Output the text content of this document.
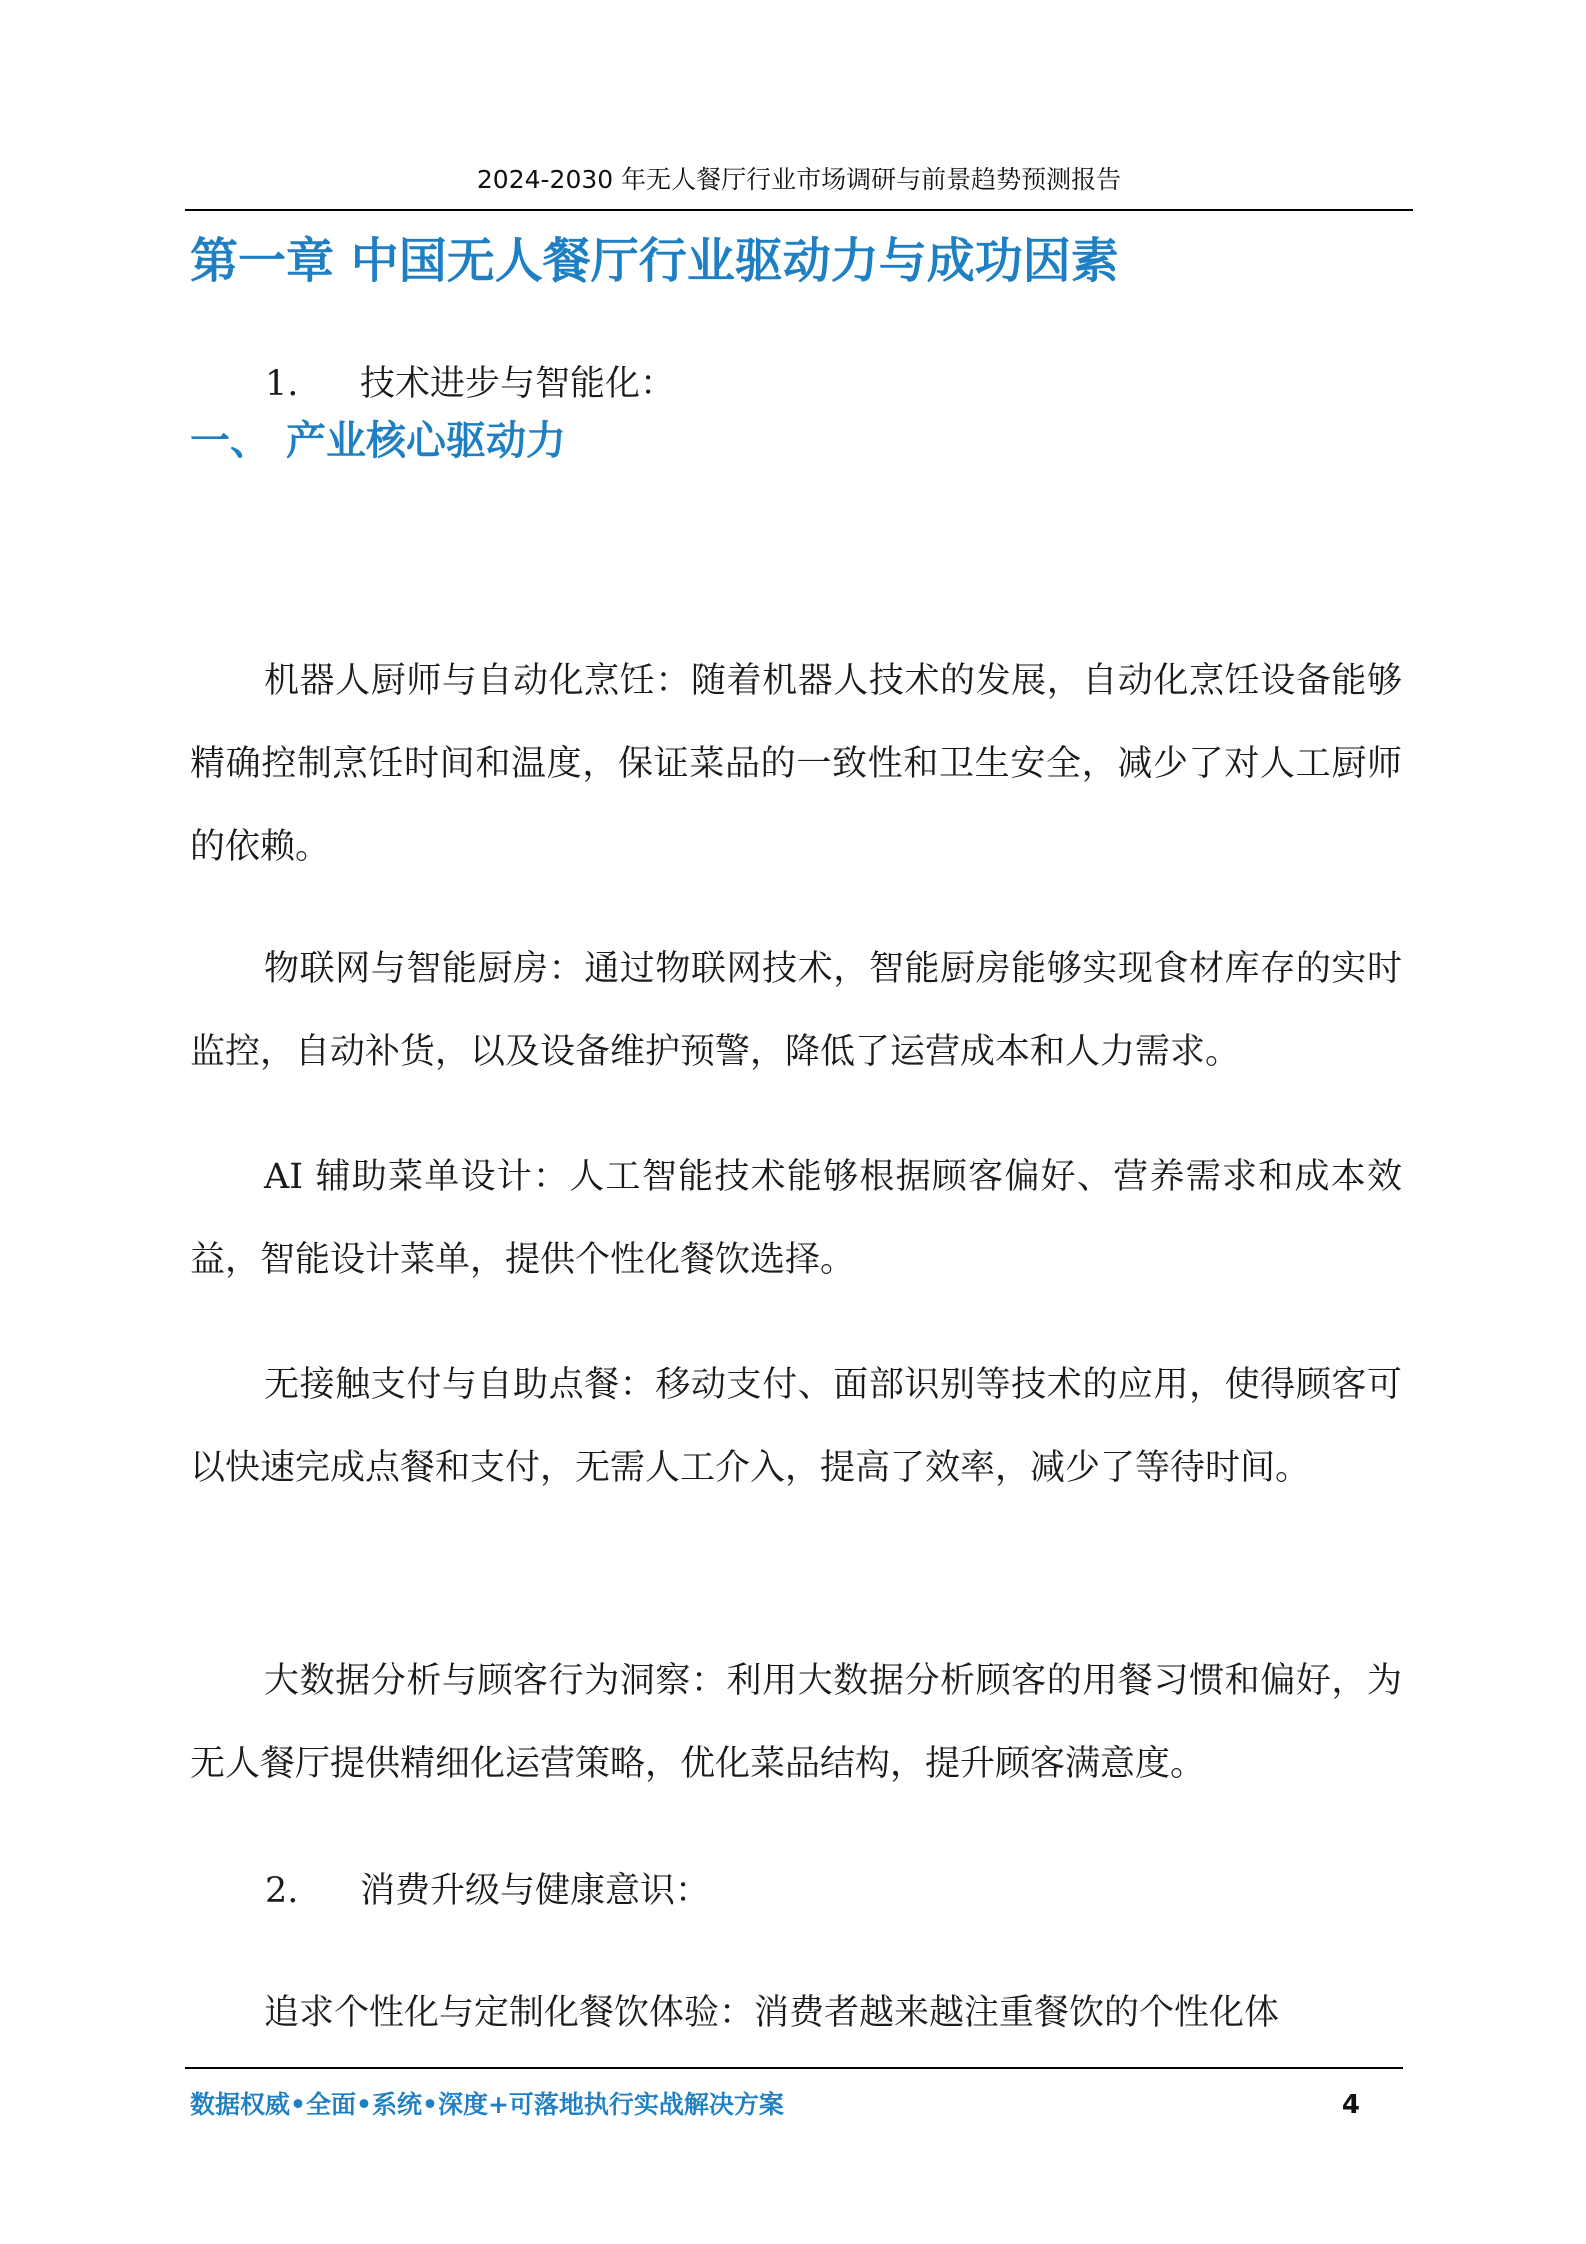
2024-2030 年无人餐厅行业市场调研与前景趋势预测报告
第一章 中国无人餐厅行业驱动力与成功因素
一、 产业核心驱动力
1. 技术进步与智能化：

机器人厨师与自动化烹饪：随着机器人技术的发展，自动化烹饪设备能够精确控制烹饪时间和温度，保证菜品的一致性和卫生安全，减少了对人工厨师的依赖。

物联网与智能厨房：通过物联网技术，智能厨房能够实现食材库存的实时监控，自动补货，以及设备维护预警，降低了运营成本和人力需求。

AI 辅助菜单设计：人工智能技术能够根据顾客偏好、营养需求和成本效益，智能设计菜单，提供个性化餐饮选择。

无接触支付与自助点餐：移动支付、面部识别等技术的应用，使得顾客可以快速完成点餐和支付，无需人工介入，提高了效率，减少了等待时间。

大数据分析与顾客行为洞察：利用大数据分析顾客的用餐习惯和偏好，为无人餐厅提供精细化运营策略，优化菜品结构，提升顾客满意度。

2. 消费升级与健康意识：

追求个性化与定制化餐饮体验：消费者越来越注重餐饮的个性化体

数据权威•全面•系统•深度+可落地执行实战解决方案	4
